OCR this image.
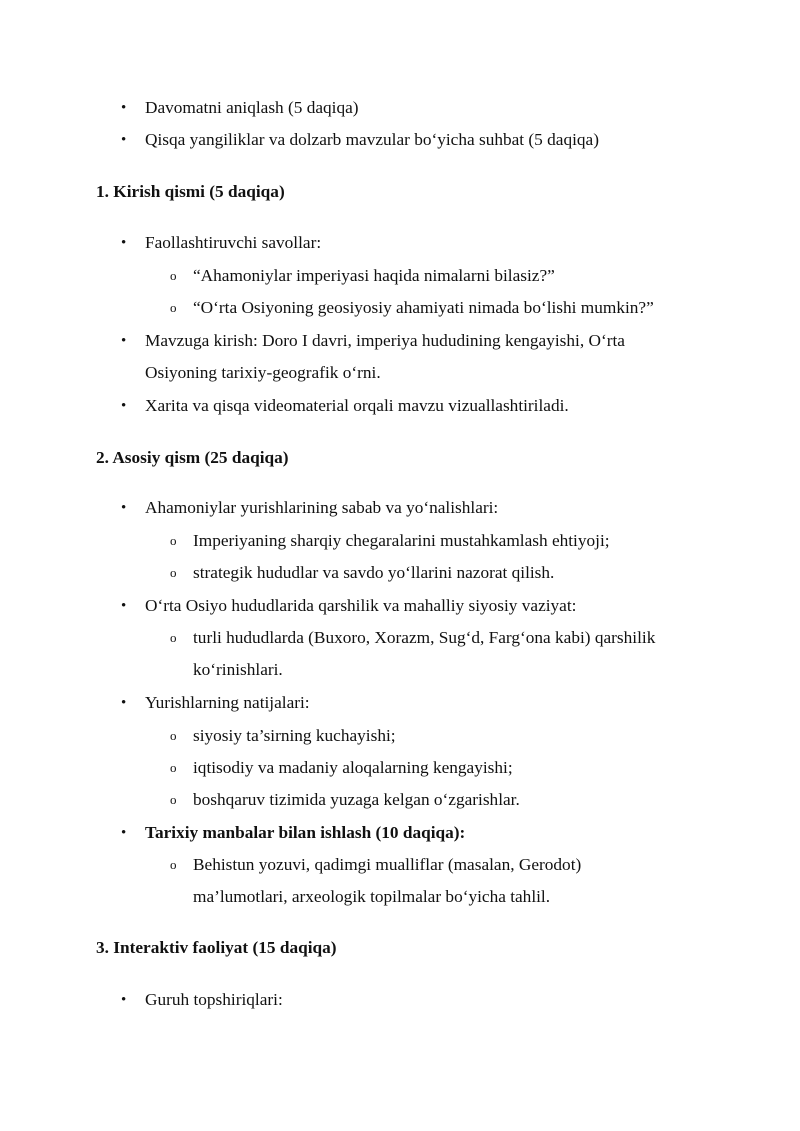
• Davomatni aniqlash (5 daqiqa)
• Qisqa yangiliklar va dolzarb mavzular bo‘yicha suhbat (5 daqiqa)
1. Kirish qismi (5 daqiqa)
• Faollashtiruvchi savollar:
o “Ahamoniylar imperiyasi haqida nimalarni bilasiz?”
o “O‘rta Osiyoning geosiyosiy ahamiyati nimada bo‘lishi mumkin?”
• Mavzuga kirish: Doro I davri, imperiya hududining kengayishi, O‘rta
Osiyoning tarixiy-geografik o‘rni.
• Xarita va qisqa videomaterial orqali mavzu vizuallashtiriladi.
2. Asosiy qism (25 daqiqa)
• Ahamoniylar yurishlarining sabab va yo‘nalishlari:
o Imperiyaning sharqiy chegaralarini mustahkamlash ehtiyoji;
o strategik hududlar va savdo yo‘llarini nazorat qilish.
• O‘rta Osiyo hududlarida qarshilik va mahalliy siyosiy vaziyat:
o turli hududlarda (Buxoro, Xorazm, Sug‘d, Farg‘ona kabi) qarshilik
ko‘rinishlari.
• Yurishlarning natijalari:
o siyosiy ta’sirning kuchayishi;
o iqtisodiy va madaniy aloqalarning kengayishi;
o boshqaruv tizimida yuzaga kelgan o‘zgarishlar.
• Tarixiy manbalar bilan ishlash (10 daqiqa):
o Behistun yozuvi, qadimgi mualliflar (masalan, Gerodot)
ma’lumotlari, arxeologik topilmalar bo‘yicha tahlil.
3. Interaktiv faoliyat (15 daqiqa)
• Guruh topshiriqlari:
